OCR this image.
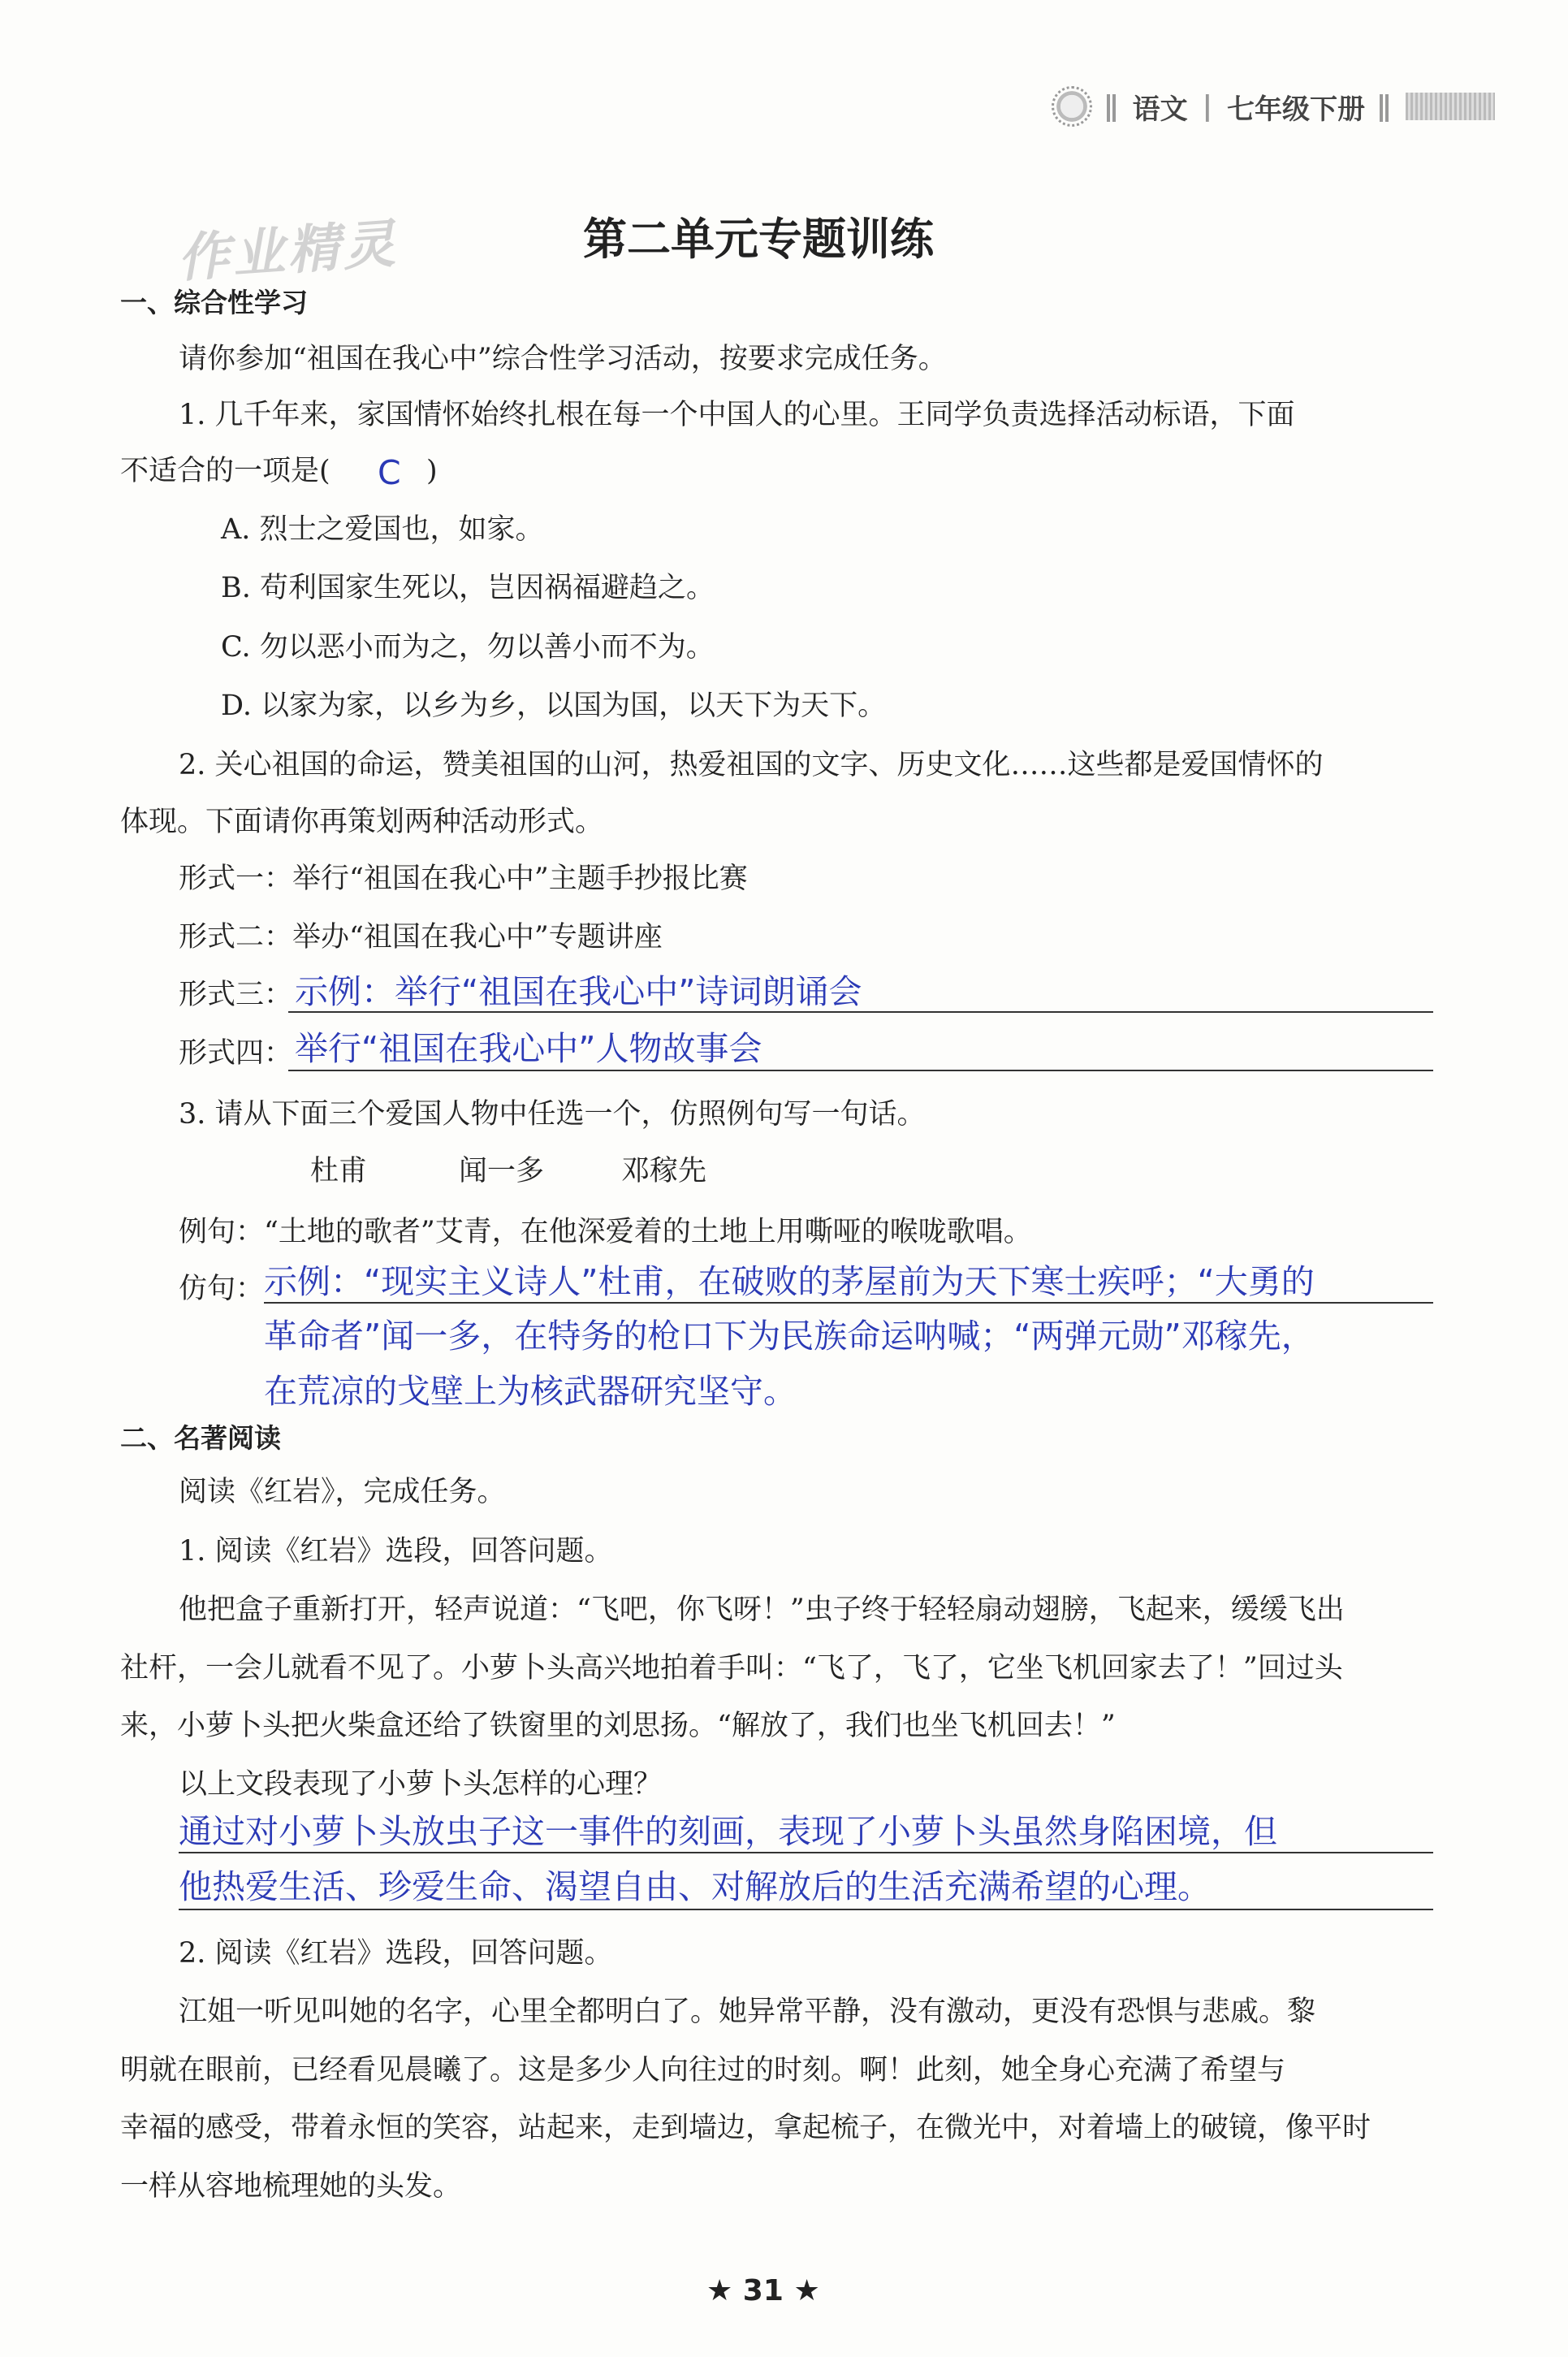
语文 | 七年级下册
作业精灵	第二单元专题训练
一、综合性学习
请你参加“祖国在我心中”综合性学习活动，按要求完成任务。
1. 几千年来，家国情怀始终扎根在每一个中国人的心里。王同学负责选择活动标语，下面
不适合的一项是( C )
A. 烈士之爱国也，如家。
B. 苟利国家生死以，岂因祸福避趋之。
C. 勿以恶小而为之，勿以善小而不为。
D. 以家为家，以乡为乡，以国为国，以天下为天下。
2. 关心祖国的命运，赞美祖国的山河，热爱祖国的文字、历史文化……这些都是爱国情怀的
体现。下面请你再策划两种活动形式。
形式一：举行“祖国在我心中”主题手抄报比赛
形式二：举办“祖国在我心中”专题讲座
形式三： 示例：举行“祖国在我心中”诗词朗诵会
形式四： 举行“祖国在我心中”人物故事会
3. 请从下面三个爱国人物中任选一个，仿照例句写一句话。
杜甫	闻一多	邓稼先
例句：“土地的歌者”艾青，在他深爱着的土地上用嘶哑的喉咙歌唱。
仿句： 示例：“现实主义诗人”杜甫，在破败的茅屋前为天下寒士疾呼；“大勇的
革命者”闻一多，在特务的枪口下为民族命运呐喊；“两弹元勋”邓稼先，
在荒凉的戈壁上为核武器研究坚守。
二、名著阅读
阅读《红岩》，完成任务。
1. 阅读《红岩》选段，回答问题。
他把盒子重新打开，轻声说道：“飞吧，你飞呀！”虫子终于轻轻扇动翅膀，飞起来，缓缓飞出
社杆，一会儿就看不见了。小萝卜头高兴地拍着手叫：“飞了，飞了，它坐飞机回家去了！”回过头
来，小萝卜头把火柴盒还给了铁窗里的刘思扬。“解放了，我们也坐飞机回去！”
以上文段表现了小萝卜头怎样的心理？
通过对小萝卜头放虫子这一事件的刻画，表现了小萝卜头虽然身陷困境，但
他热爱生活、珍爱生命、渴望自由、对解放后的生活充满希望的心理。
2. 阅读《红岩》选段，回答问题。
江姐一听见叫她的名字，心里全都明白了。她异常平静，没有激动，更没有恐惧与悲戚。黎
明就在眼前，已经看见晨曦了。这是多少人向往过的时刻。啊！此刻，她全身心充满了希望与
幸福的感受，带着永恒的笑容，站起来，走到墙边，拿起梳子，在微光中，对着墙上的破镜，像平时
一样从容地梳理她的头发。
★ 31 ★
